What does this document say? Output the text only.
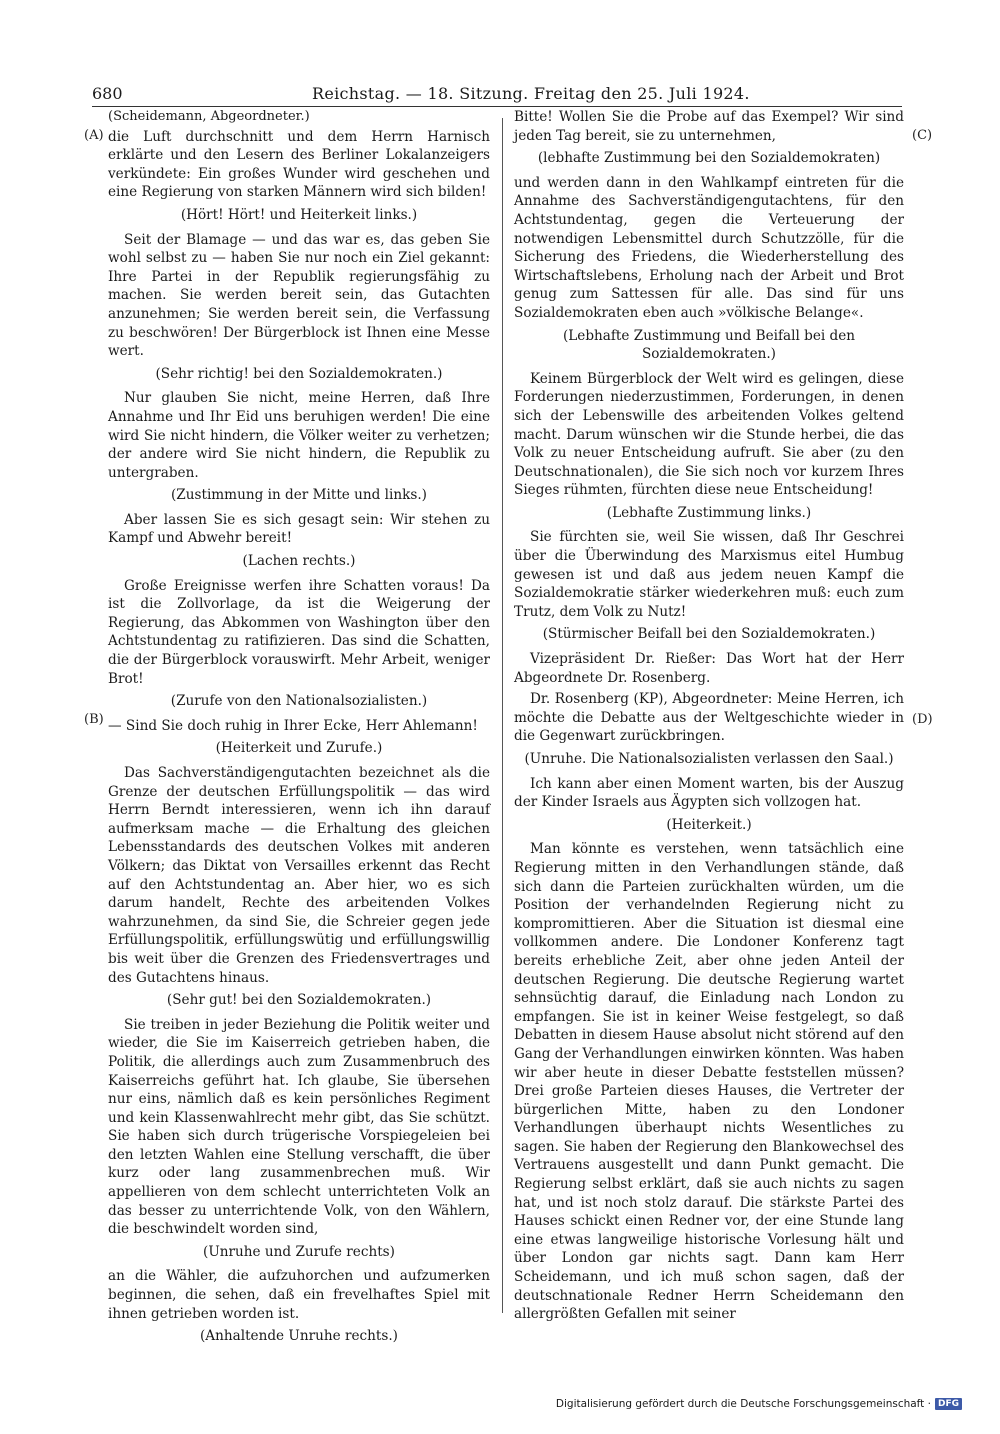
680	Reichstag. — 18. Sitzung. Freitag den 25. Juli 1924.
(A)
(B)
(C)
(D)

(Scheidemann, Abgeordneter.)

die Luft durchschnitt und dem Herrn Harnisch erklärte und den Lesern des Berliner Lokalanzeigers verkündete: Ein großes Wunder wird geschehen und eine Regierung von starken Männern wird sich bilden!

(Hört! Hört! und Heiterkeit links.)

Seit der Blamage — und das war es, das geben Sie wohl selbst zu — haben Sie nur noch ein Ziel gekannt: Ihre Partei in der Republik regierungsfähig zu machen. Sie werden bereit sein, das Gutachten anzunehmen; Sie werden bereit sein, die Verfassung zu beschwören! Der Bürgerblock ist Ihnen eine Messe wert.

(Sehr richtig! bei den Sozialdemokraten.)

Nur glauben Sie nicht, meine Herren, daß Ihre Annahme und Ihr Eid uns beruhigen werden! Die eine wird Sie nicht hindern, die Völker weiter zu verhetzen; der andere wird Sie nicht hindern, die Republik zu untergraben.

(Zustimmung in der Mitte und links.)

Aber lassen Sie es sich gesagt sein: Wir stehen zu Kampf und Abwehr bereit!

(Lachen rechts.)

Große Ereignisse werfen ihre Schatten voraus! Da ist die Zollvorlage, da ist die Weigerung der Regierung, das Abkommen von Washington über den Achtstundentag zu ratifizieren. Das sind die Schatten, die der Bürgerblock vorauswirft. Mehr Arbeit, weniger Brot!

(Zurufe von den Nationalsozialisten.)

— Sind Sie doch ruhig in Ihrer Ecke, Herr Ahlemann!

(Heiterkeit und Zurufe.)

Das Sachverständigengutachten bezeichnet als die Grenze der deutschen Erfüllungspolitik — das wird Herrn Berndt interessieren, wenn ich ihn darauf aufmerksam mache — die Erhaltung des gleichen Lebensstandards des deutschen Volkes mit anderen Völkern; das Diktat von Versailles erkennt das Recht auf den Achtstundentag an. Aber hier, wo es sich darum handelt, Rechte des arbeitenden Volkes wahrzunehmen, da sind Sie, die Schreier gegen jede Erfüllungspolitik, erfüllungswütig und erfüllungswillig bis weit über die Grenzen des Friedensvertrages und des Gutachtens hinaus.

(Sehr gut! bei den Sozialdemokraten.)

Sie treiben in jeder Beziehung die Politik weiter und wieder, die Sie im Kaiserreich getrieben haben, die Politik, die allerdings auch zum Zusammenbruch des Kaiserreichs geführt hat. Ich glaube, Sie übersehen nur eins, nämlich daß es kein persönliches Regiment und kein Klassenwahlrecht mehr gibt, das Sie schützt. Sie haben sich durch trügerische Vorspiegeleien bei den letzten Wahlen eine Stellung verschafft, die über kurz oder lang zusammenbrechen muß. Wir appellieren von dem schlecht unterrichteten Volk an das besser zu unterrichtende Volk, von den Wählern, die beschwindelt worden sind,

(Unruhe und Zurufe rechts)

an die Wähler, die aufzuhorchen und aufzumerken beginnen, die sehen, daß ein frevelhaftes Spiel mit ihnen getrieben worden ist.

(Anhaltende Unruhe rechts.)

Bitte! Wollen Sie die Probe auf das Exempel? Wir sind jeden Tag bereit, sie zu unternehmen,

(lebhafte Zustimmung bei den Sozialdemokraten)

und werden dann in den Wahlkampf eintreten für die Annahme des Sachverständigengutachtens, für den Achtstundentag, gegen die Verteuerung der notwendigen Lebensmittel durch Schutzzölle, für die Sicherung des Friedens, die Wiederherstellung des Wirtschaftslebens, Erholung nach der Arbeit und Brot genug zum Sattessen für alle. Das sind für uns Sozialdemokraten eben auch »völkische Belange«.

(Lebhafte Zustimmung und Beifall bei den Sozialdemokraten.)

Keinem Bürgerblock der Welt wird es gelingen, diese Forderungen niederzustimmen, Forderungen, in denen sich der Lebenswille des arbeitenden Volkes geltend macht. Darum wünschen wir die Stunde herbei, die das Volk zu neuer Entscheidung aufruft. Sie aber (zu den Deutschnationalen), die Sie sich noch vor kurzem Ihres Sieges rühmten, fürchten diese neue Entscheidung!

(Lebhafte Zustimmung links.)

Sie fürchten sie, weil Sie wissen, daß Ihr Geschrei über die Überwindung des Marxismus eitel Humbug gewesen ist und daß aus jedem neuen Kampf die Sozialdemokratie stärker wiederkehren muß: euch zum Trutz, dem Volk zu Nutz!

(Stürmischer Beifall bei den Sozialdemokraten.)

Vizepräsident Dr. Rießer: Das Wort hat der Herr Abgeordnete Dr. Rosenberg.

Dr. Rosenberg (KP), Abgeordneter: Meine Herren, ich möchte die Debatte aus der Weltgeschichte wieder in die Gegenwart zurückbringen.

(Unruhe. Die Nationalsozialisten verlassen den Saal.)

Ich kann aber einen Moment warten, bis der Auszug der Kinder Israels aus Ägypten sich vollzogen hat.

(Heiterkeit.)

Man könnte es verstehen, wenn tatsächlich eine Regierung mitten in den Verhandlungen stände, daß sich dann die Parteien zurückhalten würden, um die Position der verhandelnden Regierung nicht zu kompromittieren. Aber die Situation ist diesmal eine vollkommen andere. Die Londoner Konferenz tagt bereits erhebliche Zeit, aber ohne jeden Anteil der deutschen Regierung. Die deutsche Regierung wartet sehnsüchtig darauf, die Einladung nach London zu empfangen. Sie ist in keiner Weise festgelegt, so daß Debatten in diesem Hause absolut nicht störend auf den Gang der Verhandlungen einwirken könnten. Was haben wir aber heute in dieser Debatte feststellen müssen? Drei große Parteien dieses Hauses, die Vertreter der bürgerlichen Mitte, haben zu den Londoner Verhandlungen überhaupt nichts Wesentliches zu sagen. Sie haben der Regierung den Blankowechsel des Vertrauens ausgestellt und dann Punkt gemacht. Die Regierung selbst erklärt, daß sie auch nichts zu sagen hat, und ist noch stolz darauf. Die stärkste Partei des Hauses schickt einen Redner vor, der eine Stunde lang eine etwas langweilige historische Vorlesung hält und über London gar nichts sagt. Dann kam Herr Scheidemann, und ich muß schon sagen, daß der deutschnationale Redner Herrn Scheidemann den allergrößten Gefallen mit seiner

Digitalisierung gefördert durch die Deutsche Forschungsgemeinschaft · DFG
